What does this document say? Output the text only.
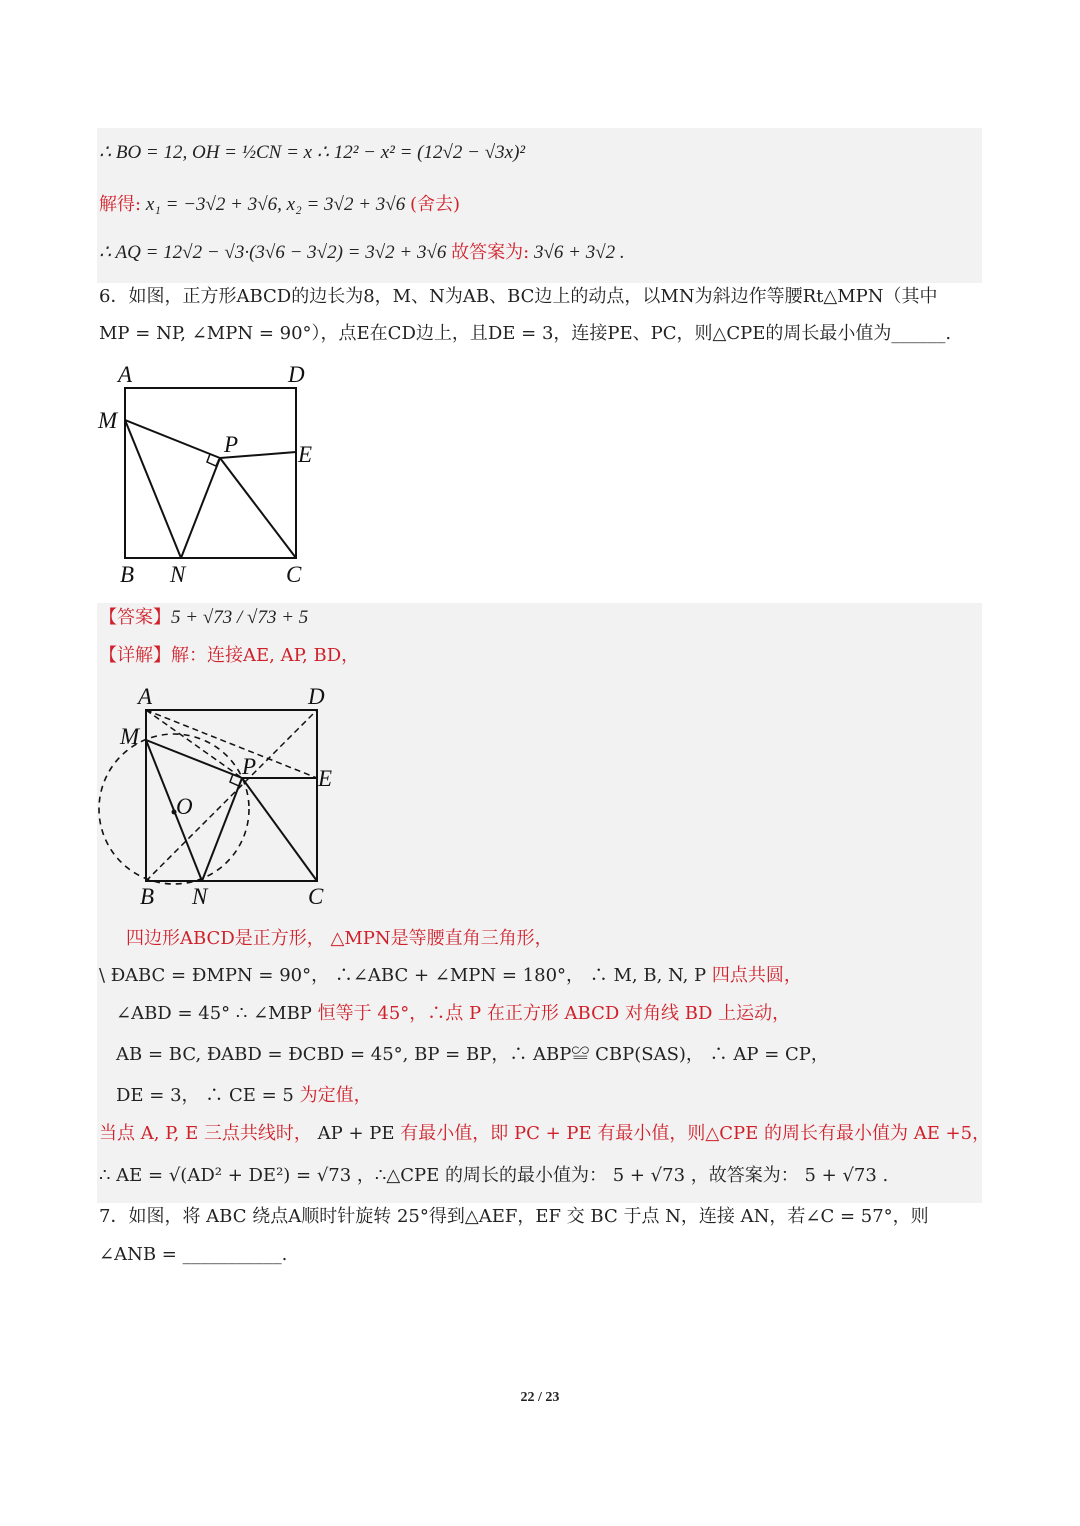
∴ BO = 12, OH = ½CN = x ∴ 12² − x² = (12√2 − √3x)²
解得: x₁ = −3√2 + 3√6, x₂ = 3√2 + 3√6 (舍去)
∴ AQ = 12√2 − √3·(3√6 − 3√2) = 3√2 + 3√6 故答案为: 3√6 + 3√2 .
6．如图，正方形ABCD的边长为8，M、N为AB、BC边上的动点，以MN为斜边作等腰Rt△MPN（其中
MP = NP, ∠MPN = 90°），点E在CD边上，且DE = 3，连接PE、PC，则△CPE的周长最小值为______.
A	D
M
P	E
B N	C
【答案】5 + √73 / √73 + 5
【详解】解：连接AE, AP, BD，
A	D
M
P	E
O
B N	C
四边形ABCD是正方形， △MPN是等腰直角三角形，
\ ÐABC = ÐMPN = 90°， ∴∠ABC + ∠MPN = 180°， ∴ M, B, N, P 四点共圆，
∠ABD = 45° ∴ ∠MBP 恒等于 45°，∴点 P 在正方形 ABCD 对角线 BD 上运动，
AB = BC, ÐABD = ÐCBD = 45°, BP = BP，∴ ABP≌ CBP(SAS)， ∴ AP = CP，
DE = 3， ∴ CE = 5 为定值，
当点 A, P, E 三点共线时， AP + PE 有最小值，即 PC + PE 有最小值，则△CPE 的周长有最小值为 AE +5，
∴ AE = √(AD² + DE²) = √73 ，∴△CPE 的周长的最小值为： 5 + √73 ，故答案为： 5 + √73 .
7．如图，将 ABC 绕点A顺时针旋转 25°得到△AEF，EF 交 BC 于点 N，连接 AN，若∠C = 57°，则
∠ANB = ___________.
22 / 23
